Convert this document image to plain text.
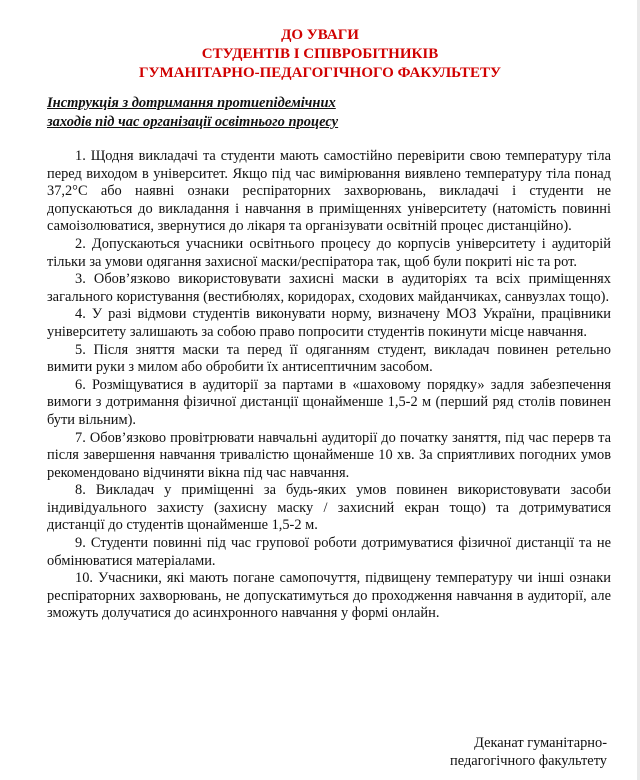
ДО УВАГИ
СТУДЕНТІВ І СПІВРОБІТНИКІВ
ГУМАНІТАРНО-ПЕДАГОГІЧНОГО ФАКУЛЬТЕТУ
Інструкція з дотримання протиепідемічних
заходів під час організації освітнього процесу

1. Щодня викладачі та студенти мають самостійно перевірити свою температуру тіла перед виходом в університет. Якщо під час вимірювання виявлено температуру тіла понад 37,2°С або наявні ознаки респіраторних захворювань, викладачі і студенти не допускаються до викладання і навчання в приміщеннях університету (натомість повинні самоізолюватися, звернутися до лікаря та організувати освітній процес дистанційно).

2. Допускаються учасники освітнього процесу до корпусів університету і аудиторій тільки за умови одягання захисної маски/респіратора так, щоб були покриті ніс та рот.

3. Обов’язково використовувати захисні маски в аудиторіях та всіх приміщеннях загального користування (вестибюлях, коридорах, сходових майданчиках, санвузлах тощо).

4. У разі відмови студентів виконувати норму, визначену МОЗ України, працівники університету залишають за собою право попросити студентів покинути місце навчання.

5. Після зняття маски та перед її одяганням студент, викладач повинен ретельно вимити руки з милом або обробити їх антисептичним засобом.

6. Розміщуватися в аудиторії за партами в «шаховому порядку» задля забезпечення вимоги з дотримання фізичної дистанції щонайменше 1,5-2 м (перший ряд столів повинен бути вільним).

7. Обов’язково провітрювати навчальні аудиторії до початку заняття, під час перерв та після завершення навчання тривалістю щонайменше 10 хв. За сприятливих погодних умов рекомендовано відчиняти вікна під час навчання.

8. Викладач у приміщенні за будь-яких умов повинен використовувати засоби індивідуального захисту (захисну маску / захисний екран тощо) та дотримуватися дистанції до студентів щонайменше 1,5-2 м.

9. Студенти повинні під час групової роботи дотримуватися фізичної дистанції та не обмінюватися матеріалами.

10. Учасники, які мають погане самопочуття, підвищену температуру чи інші ознаки респіраторних захворювань, не допускатимуться до проходження навчання в аудиторії, але зможуть долучатися до асинхронного навчання у формі онлайн.

Деканат гуманітарно-
педагогічного факультету
